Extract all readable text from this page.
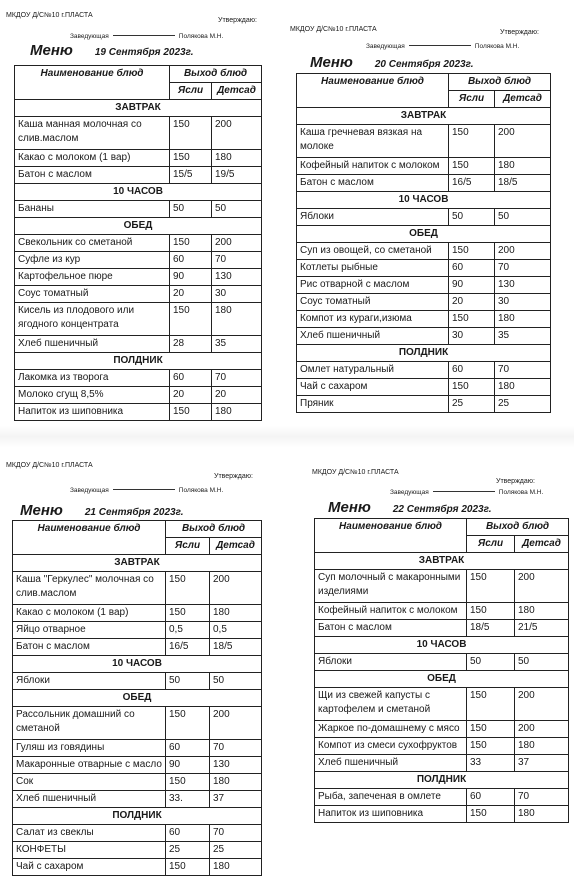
МКДОУ Д/С№10 г.ПЛАСТА
Утверждаю:
Заведующая	Полякова М.Н.
Меню 19 Сентября 2023г.
Наименование блюд	Выход блюд	
	Ясли	Детсад
ЗАВТРАК		
Каша манная молочная со слив.маслом	150	200
Какао с молоком (1 вар)	150	180
Батон с маслом	15/5	19/5
10 ЧАСОВ		
Бананы	50	50
ОБЕД		
Свекольник со сметаной	150	200
Суфле из кур	60	70
Картофельное пюре	90	130
Соус томатный	20	30
Кисель из плодового или ягодного концентрата	150	180
Хлеб пшеничный	28	35
ПОЛДНИК		
Лакомка из творога	60	70
Молоко сгущ 8,5%	20	20
Напиток из шиповника	150	180
МКДОУ Д/С№10 г.ПЛАСТА	Утверждаю:
Заведующая	Полякова М.Н.
Меню 20 Сентября 2023г.
Наименование блюд	Выход блюд	
	Ясли	Детсад
ЗАВТРАК		
Каша гречневая вязкая на молоке	150	200
Кофейный напиток с молоком	150	180
Батон с маслом	16/5	18/5
10 ЧАСОВ		
Яблоки	50	50
ОБЕД		
Суп из овощей, со сметаной	150	200
Котлеты рыбные	60	70
Рис отварной с маслом	90	130
Соус томатный	20	30
Компот из кураги,изюма	150	180
Хлеб пшеничный	30	35
ПОЛДНИК		
Омлет натуральный	60	70
Чай с сахаром	150	180
Пряник	25	25
МКДОУ Д/С№10 г.ПЛАСТА
Утверждаю:
Заведующая	Полякова М.Н.
Меню 21 Сентября 2023г.
Наименование блюд	Выход блюд	
	Ясли	Детсад
ЗАВТРАК		
Каша "Геркулес" молочная со слив.маслом	150	200
Какао с молоком (1 вар)	150	180
Яйцо отварное	0,5	0,5
Батон с маслом	16/5	18/5
10 ЧАСОВ		
Яблоки	50	50
ОБЕД		
Рассольник домашний со сметаной	150	200
Гуляш из говядины	60	70
Макаронные отварные с масло	90	130
Сок	150	180
Хлеб пшеничный	33.	37
ПОЛДНИК		
Салат из свеклы	60	70
КОНФЕТЫ	25	25
Чай с сахаром	150	180
МКДОУ Д/С№10 г.ПЛАСТА
Утверждаю:
Заведующая	Полякова М.Н.
Меню 22 Сентября 2023г.
Наименование блюд	Выход блюд	
	Ясли	Детсад
ЗАВТРАК		
Суп молочный с макаронными изделиями	150	200
Кофейный напиток с молоком	150	180
Батон с маслом	18/5	21/5
10 ЧАСОВ		
Яблоки	50	50
ОБЕД		
Щи из свежей капусты с картофелем и сметаной	150	200
Жаркое по-домашнему с мясо	150	200
Компот из смеси сухофруктов	150	180
Хлеб пшеничный	33	37
ПОЛДНИК		
Рыба, запеченая в омлете	60	70
Напиток из шиповника	150	180
